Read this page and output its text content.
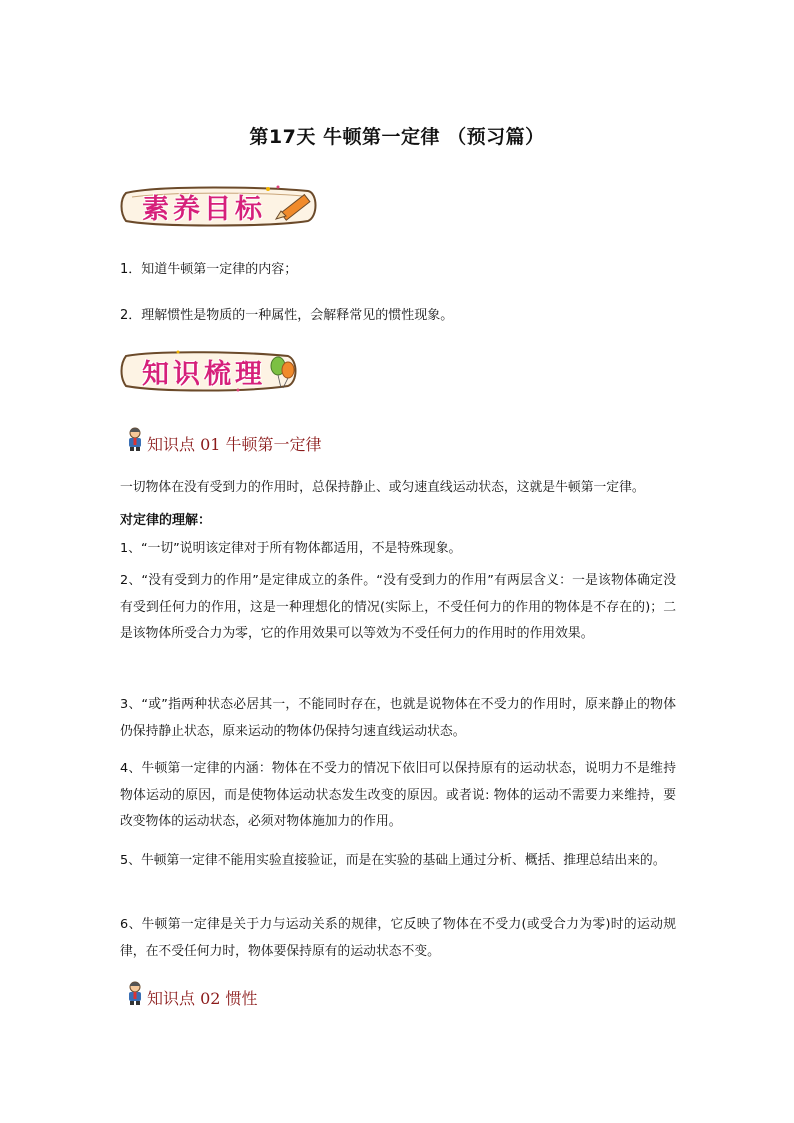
第17天 牛顿第一定律 （预习篇）
素养目标
1．知道牛顿第一定律的内容；
2．理解惯性是物质的一种属性，会解释常见的惯性现象。
知识梳理
知识点 01 牛顿第一定律

一切物体在没有受到力的作用时，总保持静止、或匀速直线运动状态，这就是牛顿第一定律。

对定律的理解：

1、“一切”说明该定律对于所有物体都适用，不是特殊现象。

2、“没有受到力的作用”是定律成立的条件。“没有受到力的作用”有两层含义：一是该物体确定没有受到任何力的作用，这是一种理想化的情况(实际上，不受任何力的作用的物体是不存在的)；二是该物体所受合力为零，它的作用效果可以等效为不受任何力的作用时的作用效果。

3、“或”指两种状态必居其一，不能同时存在，也就是说物体在不受力的作用时，原来静止的物体仍保持静止状态，原来运动的物体仍保持匀速直线运动状态。

4、牛顿第一定律的内涵：物体在不受力的情况下依旧可以保持原有的运动状态，说明力不是维持物体运动的原因，而是使物体运动状态发生改变的原因。或者说: 物体的运动不需要力来维持，要改变物体的运动状态，必须对物体施加力的作用。

5、牛顿第一定律不能用实验直接验证，而是在实验的基础上通过分析、概括、推理总结出来的。

6、牛顿第一定律是关于力与运动关系的规律，它反映了物体在不受力(或受合力为零)时的运动规律，在不受任何力时，物体要保持原有的运动状态不变。

知识点 02 惯性
